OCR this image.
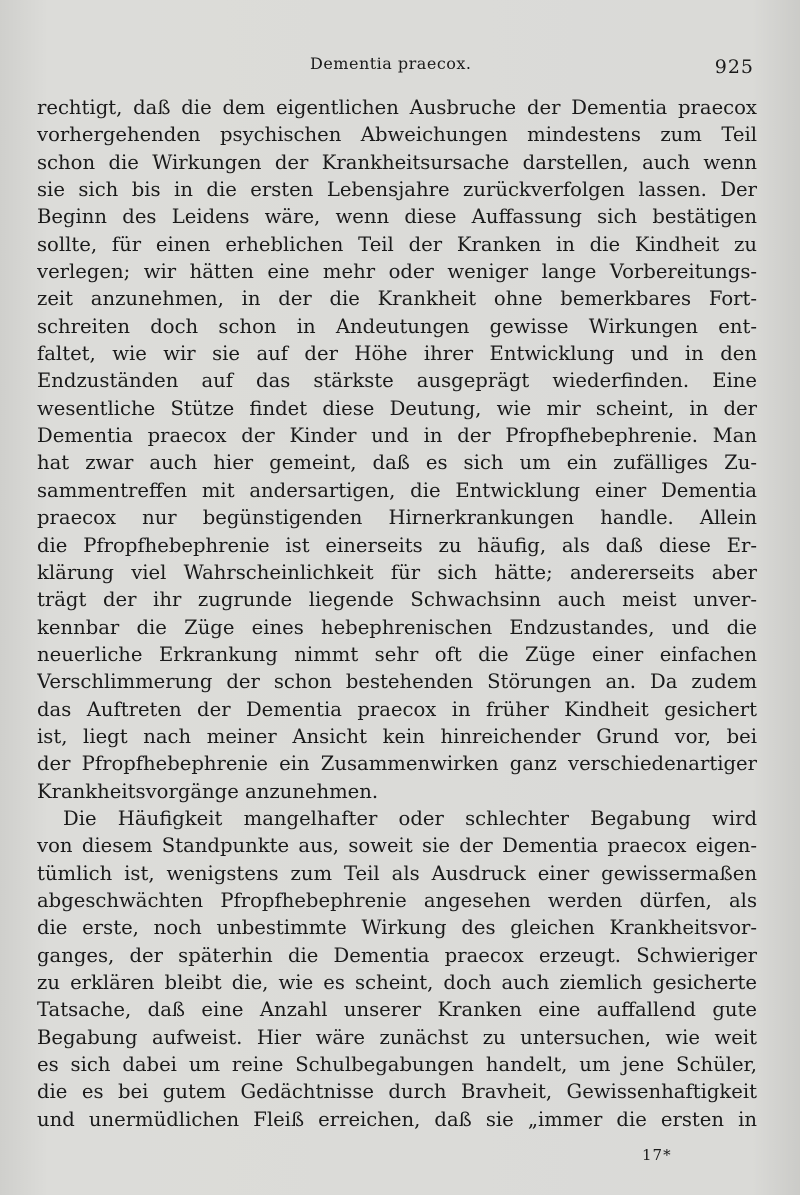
Dementia praecox.	925
rechtigt, daß die dem eigentlichen Ausbruche der Dementia praecox
vorhergehenden psychischen Abweichungen mindestens zum Teil
schon die Wirkungen der Krankheitsursache darstellen, auch wenn
sie sich bis in die ersten Lebensjahre zurückverfolgen lassen. Der
Beginn des Leidens wäre, wenn diese Auffassung sich bestätigen
sollte, für einen erheblichen Teil der Kranken in die Kindheit zu
verlegen; wir hätten eine mehr oder weniger lange Vorbereitungs-
zeit anzunehmen, in der die Krankheit ohne bemerkbares Fort-
schreiten doch schon in Andeutungen gewisse Wirkungen ent-
faltet, wie wir sie auf der Höhe ihrer Entwicklung und in den
Endzuständen auf das stärkste ausgeprägt wiederfinden. Eine
wesentliche Stütze findet diese Deutung, wie mir scheint, in der
Dementia praecox der Kinder und in der Pfropfhebephrenie. Man
hat zwar auch hier gemeint, daß es sich um ein zufälliges Zu-
sammentreffen mit andersartigen, die Entwicklung einer Dementia
praecox nur begünstigenden Hirnerkrankungen handle. Allein
die Pfropfhebephrenie ist einerseits zu häufig, als daß diese Er-
klärung viel Wahrscheinlichkeit für sich hätte; andererseits aber
trägt der ihr zugrunde liegende Schwachsinn auch meist unver-
kennbar die Züge eines hebephrenischen Endzustandes, und die
neuerliche Erkrankung nimmt sehr oft die Züge einer einfachen
Verschlimmerung der schon bestehenden Störungen an. Da zudem
das Auftreten der Dementia praecox in früher Kindheit gesichert
ist, liegt nach meiner Ansicht kein hinreichender Grund vor, bei
der Pfropfhebephrenie ein Zusammenwirken ganz verschiedenartiger
Krankheitsvorgänge anzunehmen.
Die Häufigkeit mangelhafter oder schlechter Begabung wird
von diesem Standpunkte aus, soweit sie der Dementia praecox eigen-
tümlich ist, wenigstens zum Teil als Ausdruck einer gewissermaßen
abgeschwächten Pfropfhebephrenie angesehen werden dürfen, als
die erste, noch unbestimmte Wirkung des gleichen Krankheitsvor-
ganges, der späterhin die Dementia praecox erzeugt. Schwieriger
zu erklären bleibt die, wie es scheint, doch auch ziemlich gesicherte
Tatsache, daß eine Anzahl unserer Kranken eine auffallend gute
Begabung aufweist. Hier wäre zunächst zu untersuchen, wie weit
es sich dabei um reine Schulbegabungen handelt, um jene Schüler,
die es bei gutem Gedächtnisse durch Bravheit, Gewissenhaftigkeit
und unermüdlichen Fleiß erreichen, daß sie „immer die ersten in
17*
